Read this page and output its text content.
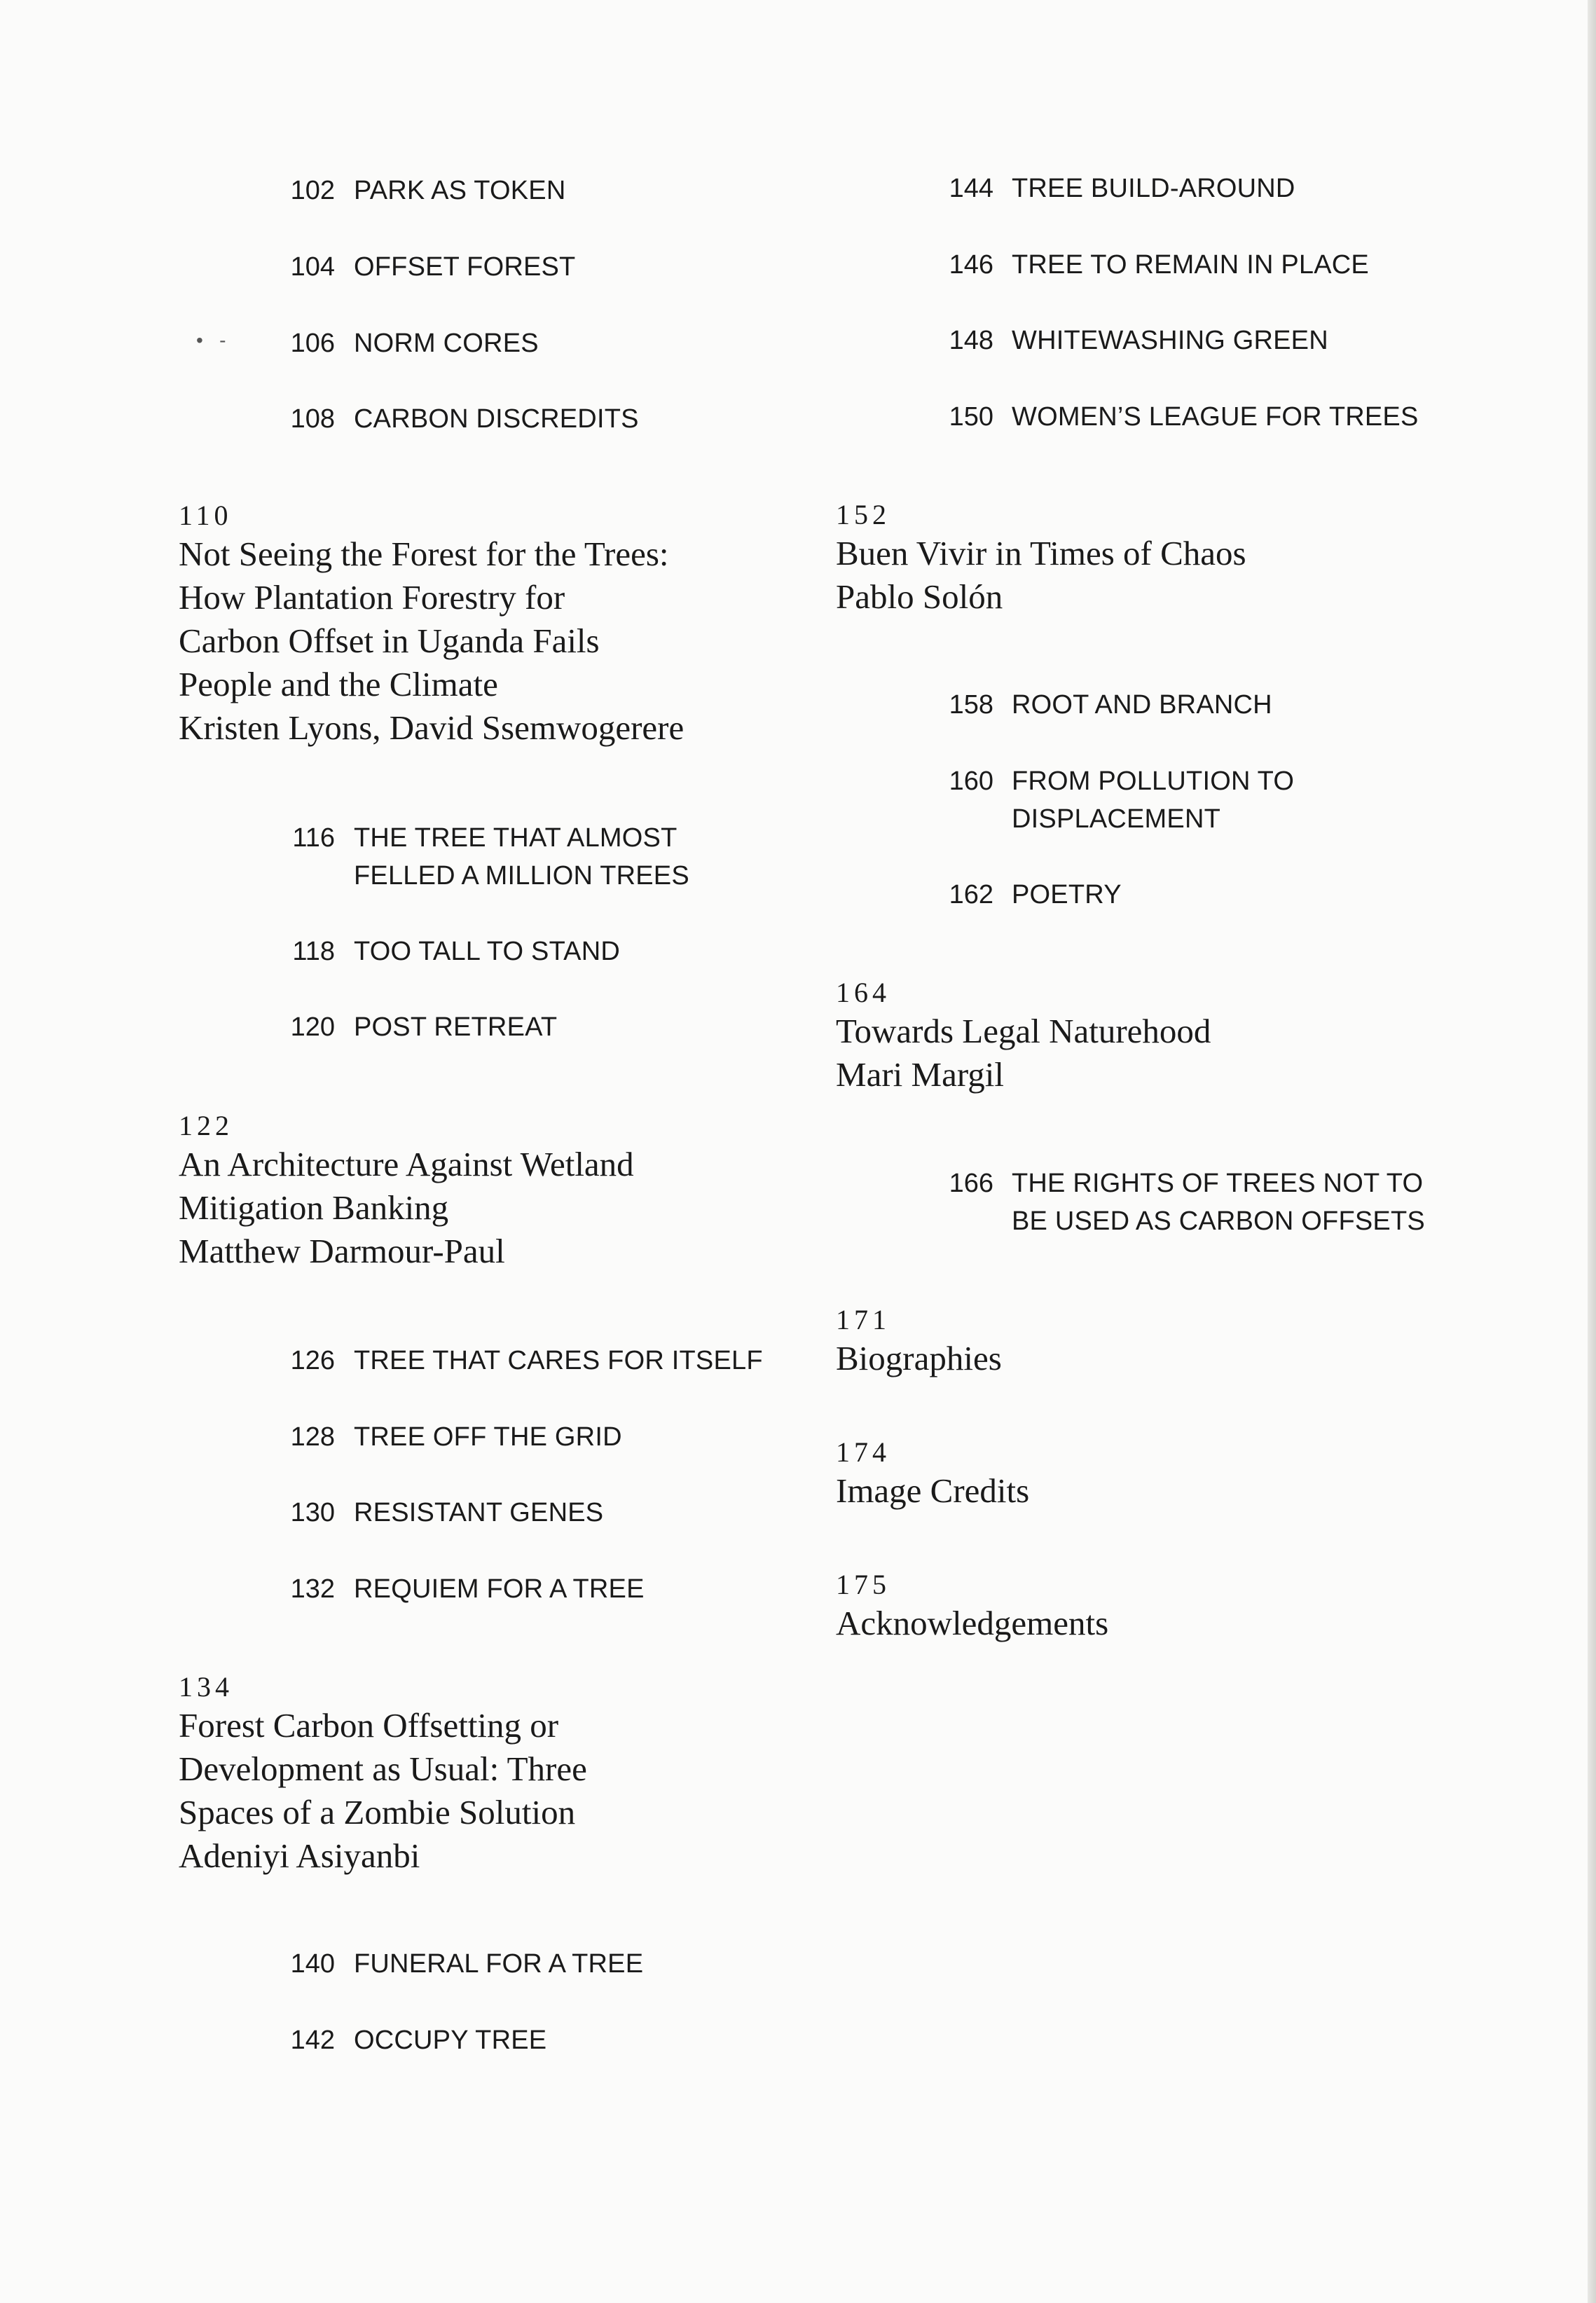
•   -
102 PARK AS TOKEN
104 OFFSET FOREST
106 NORM CORES
108 CARBON DISCREDITS
110
Not Seeing the Forest for the Trees:
How Plantation Forestry for
Carbon Offset in Uganda Fails
People and the Climate
Kristen Lyons, David Ssemwogerere
116 THE TREE THAT ALMOST
FELLED A MILLION TREES
118 TOO TALL TO STAND
120 POST RETREAT
122
An Architecture Against Wetland
Mitigation Banking
Matthew Darmour-Paul
126 TREE THAT CARES FOR ITSELF
128 TREE OFF THE GRID
130 RESISTANT GENES
132 REQUIEM FOR A TREE
134
Forest Carbon Offsetting or
Development as Usual: Three
Spaces of a Zombie Solution
Adeniyi Asiyanbi
140 FUNERAL FOR A TREE
142 OCCUPY TREE
144 TREE BUILD-AROUND
146 TREE TO REMAIN IN PLACE
148 WHITEWASHING GREEN
150 WOMEN’S LEAGUE FOR TREES
152
Buen Vivir in Times of Chaos
Pablo Solón
158 ROOT AND BRANCH
160 FROM POLLUTION TO
DISPLACEMENT
162 POETRY
164
Towards Legal Naturehood
Mari Margil
166 THE RIGHTS OF TREES NOT TO
BE USED AS CARBON OFFSETS
171
Biographies
174
Image Credits
175
Acknowledgements
